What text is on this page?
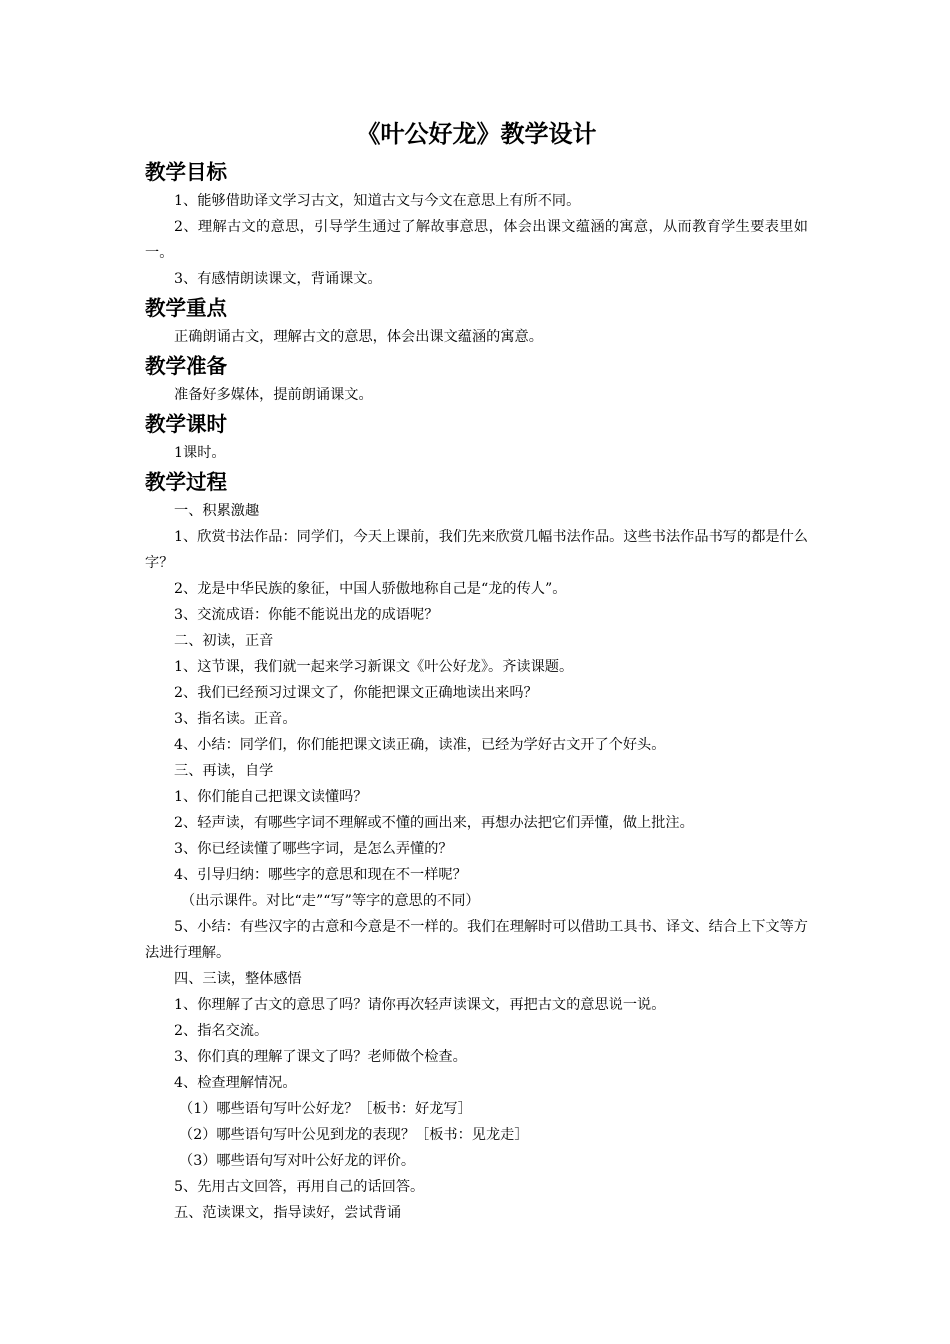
《叶公好龙》教学设计
教学目标

1、能够借助译文学习古文，知道古文与今文在意思上有所不同。

2、理解古文的意思，引导学生通过了解故事意思，体会出课文蕴涵的寓意，从而教育学生要表里如一。

3、有感情朗读课文，背诵课文。

教学重点

正确朗诵古文，理解古文的意思，体会出课文蕴涵的寓意。

教学准备

准备好多媒体，提前朗诵课文。

教学课时

1课时。

教学过程

一、积累激趣

1、欣赏书法作品：同学们，今天上课前，我们先来欣赏几幅书法作品。这些书法作品书写的都是什么字？

2、龙是中华民族的象征，中国人骄傲地称自己是“龙的传人”。

3、交流成语：你能不能说出龙的成语呢？

二、初读，正音

1、这节课，我们就一起来学习新课文《叶公好龙》。齐读课题。

2、我们已经预习过课文了，你能把课文正确地读出来吗？

3、指名读。正音。

4、小结：同学们，你们能把课文读正确，读准，已经为学好古文开了个好头。

三、再读，自学

1、你们能自己把课文读懂吗？

2、轻声读，有哪些字词不理解或不懂的画出来，再想办法把它们弄懂，做上批注。

3、你已经读懂了哪些字词，是怎么弄懂的？

4、引导归纳：哪些字的意思和现在不一样呢？

（出示课件。对比“走”“写”等字的意思的不同）

5、小结：有些汉字的古意和今意是不一样的。我们在理解时可以借助工具书、译文、结合上下文等方法进行理解。

四、三读，整体感悟

1、你理解了古文的意思了吗？请你再次轻声读课文，再把古文的意思说一说。

2、指名交流。

3、你们真的理解了课文了吗？老师做个检查。

4、检查理解情况。

（1）哪些语句写叶公好龙？［板书：好龙写］

（2）哪些语句写叶公见到龙的表现？［板书：见龙走］

（3）哪些语句写对叶公好龙的评价。

5、先用古文回答，再用自己的话回答。

五、范读课文，指导读好，尝试背诵
